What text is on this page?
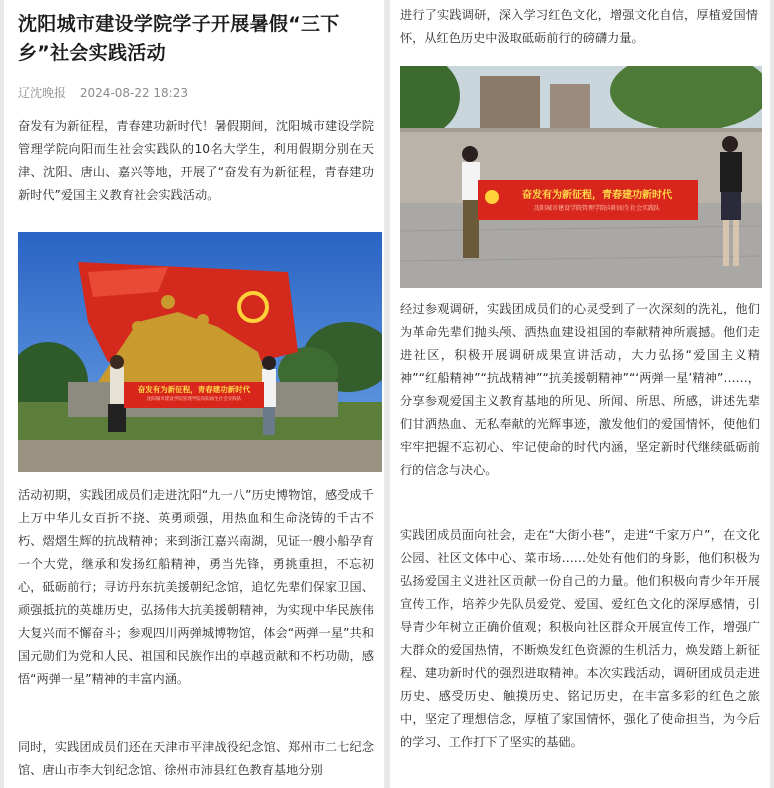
沈阳城市建设学院学子开展暑假“三下乡”社会实践活动
辽沈晚报 2024-08-22 18:23

奋发有为新征程，青春建功新时代！暑假期间，沈阳城市建设学院管理学院向阳而生社会实践队的10名大学生，利用假期分别在天津、沈阳、唐山、嘉兴等地，开展了“奋发有为新征程，青春建功新时代”爱国主义教育社会实践活动。

奋发有为新征程，青春建功新时代
沈阳城市建设学院管理学院向阳而生社会实践队

活动初期，实践团成员们走进沈阳“九一八”历史博物馆，感受成千上万中华儿女百折不挠、英勇顽强，用热血和生命浇铸的千古不朽、熠熠生辉的抗战精神；来到浙江嘉兴南湖，见证一艘小船孕育一个大党，继承和发扬红船精神，勇当先锋，勇挑重担，不忘初心，砥砺前行；寻访丹东抗美援朝纪念馆，追忆先辈们保家卫国、顽强抵抗的英雄历史，弘扬伟大抗美援朝精神，为实现中华民族伟大复兴而不懈奋斗；参观四川两弹城博物馆，体会“两弹一星”共和国元勋们为党和人民、祖国和民族作出的卓越贡献和不朽功勋，感悟“两弹一星”精神的丰富内涵。

同时，实践团成员们还在天津市平津战役纪念馆、郑州市二七纪念馆、唐山市李大钊纪念馆、徐州市沛县红色教育基地分别

进行了实践调研，深入学习红色文化，增强文化自信，厚植爱国情怀，从红色历史中汲取砥砺前行的磅礴力量。

奋发有为新征程，青春建功新时代
沈阳城市建设学院管理学院向阳而生社会实践队

经过参观调研，实践团成员们的心灵受到了一次深刻的洗礼，他们为革命先辈们抛头颅、洒热血建设祖国的奉献精神所震撼。他们走进社区，积极开展调研成果宣讲活动，大力弘扬“爱国主义精神”“红船精神”“抗战精神”“抗美援朝精神”“‘两弹一星’精神”……，分享参观爱国主义教育基地的所见、所闻、所思、所感，讲述先辈们甘洒热血、无私奉献的光辉事迹，激发他们的爱国情怀，使他们牢牢把握不忘初心、牢记使命的时代内涵，坚定新时代继续砥砺前行的信念与决心。

实践团成员面向社会，走在“大街小巷”，走进“千家万户”，在文化公园、社区文体中心、菜市场……处处有他们的身影，他们积极为弘扬爱国主义进社区贡献一份自己的力量。他们积极向青少年开展宣传工作，培养少先队员爱党、爱国、爱红色文化的深厚感情，引导青少年树立正确价值观；积极向社区群众开展宣传工作，增强广大群众的爱国热情，不断焕发红色资源的生机活力，焕发踏上新征程、建功新时代的强烈进取精神。本次实践活动，调研团成员走进历史、感受历史、触摸历史、铭记历史，在丰富多彩的红色之旅中，坚定了理想信念，厚植了家国情怀，强化了使命担当，为今后的学习、工作打下了坚实的基础。
